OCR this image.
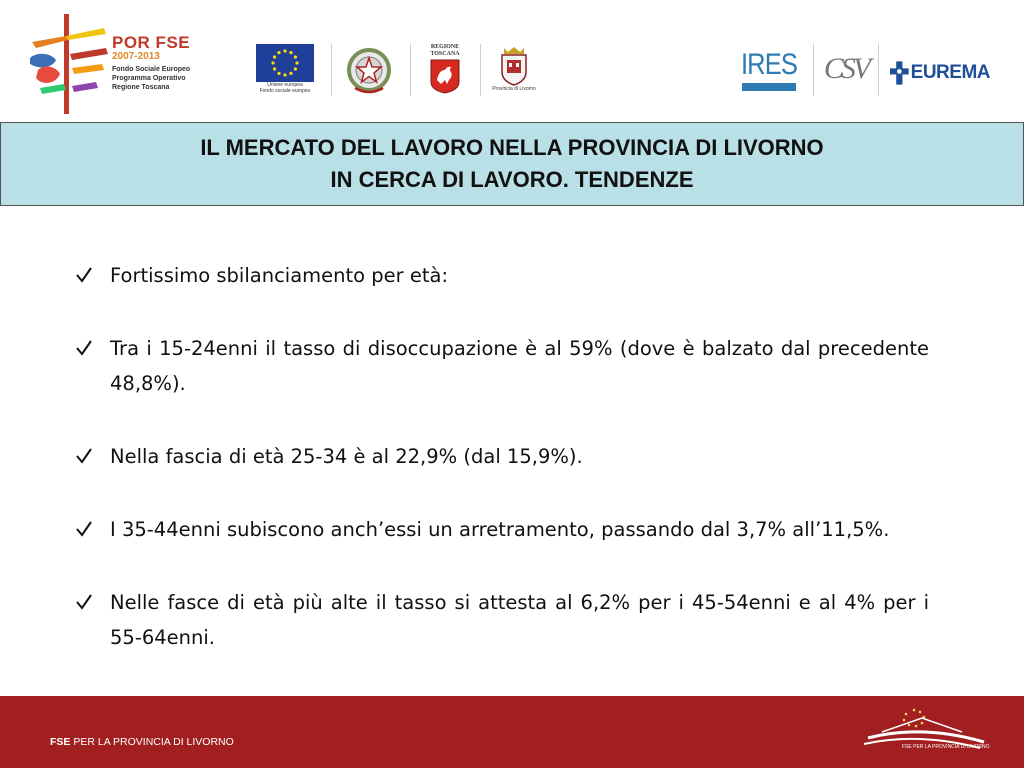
POR FSE
2007-2013
Fondo Sociale Europeo
Programma Operativo
Regione Toscana	Unione europea
Fondo sociale europeo
REGIONE
TOSCANA
Provincia di Livorno
IRES CSV EUREMA
IL MERCATO DEL LAVORO NELLA PROVINCIA DI LIVORNO
IN CERCA DI LAVORO. TENDENZE
Fortissimo sbilanciamento per età:
Tra i 15-24enni il tasso di disoccupazione è al 59% (dove è balzato dal precedente 48,8%).
Nella fascia di età 25-34 è al 22,9% (dal 15,9%).
I 35-44enni subiscono anch’essi un arretramento, passando dal 3,7% all’11,5%.
Nelle fasce di età più alte il tasso si attesta al 6,2% per i 45-54enni e al 4% per i 55-64enni.
FSE PER LA PROVINCIA DI LIVORNO	FSE PER LA PROVINCIA DI LIVORNO
